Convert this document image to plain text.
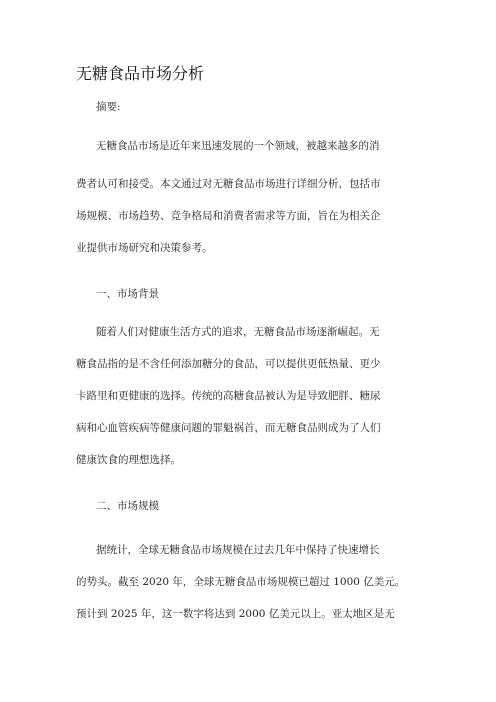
无糖食品市场分析
摘要:
无糖食品市场是近年来迅速发展的一个领域，被越来越多的消
费者认可和接受。本文通过对无糖食品市场进行详细分析，包括市
场规模、市场趋势、竞争格局和消费者需求等方面，旨在为相关企
业提供市场研究和决策参考。
一、市场背景
随着人们对健康生活方式的追求，无糖食品市场逐渐崛起。无
糖食品指的是不含任何添加糖分的食品，可以提供更低热量、更少
卡路里和更健康的选择。传统的高糖食品被认为是导致肥胖、糖尿
病和心血管疾病等健康问题的罪魁祸首，而无糖食品则成为了人们
健康饮食的理想选择。
二、市场规模
据统计，全球无糖食品市场规模在过去几年中保持了快速增长
的势头。截至 2020 年，全球无糖食品市场规模已超过 1000 亿美元。
预计到 2025 年，这一数字将达到 2000 亿美元以上。亚太地区是无
